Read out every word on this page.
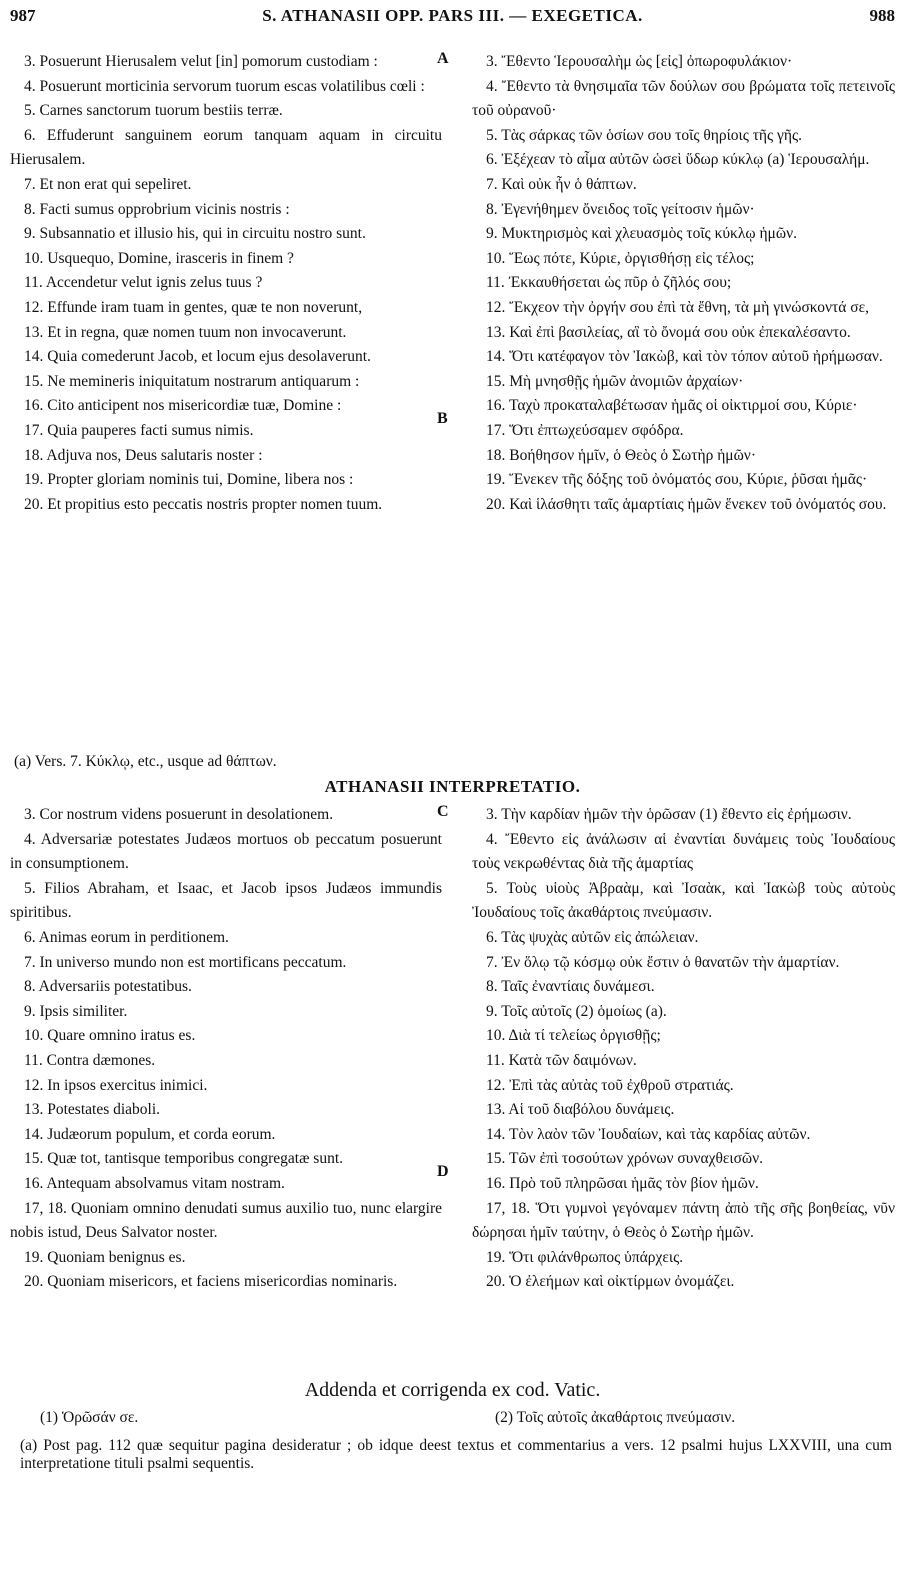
987	S. ATHANASII OPP. PARS III. — EXEGETICA.	988

3. Posuerunt Hierusalem velut [in] pomorum custodiam :

4. Posuerunt morticinia servorum tuorum escas volatilibus cœli :

5. Carnes sanctorum tuorum bestiis terræ.

6. Effuderunt sanguinem eorum tanquam aquam in circuitu Hierusalem.

7. Et non erat qui sepeliret.

8. Facti sumus opprobrium vicinis nostris :

9. Subsannatio et illusio his, qui in circuitu nostro sunt.

10. Usquequo, Domine, irasceris in finem ?

11. Accendetur velut ignis zelus tuus ?

12. Effunde iram tuam in gentes, quæ te non noverunt,

13. Et in regna, quæ nomen tuum non invocaverunt.

14. Quia comederunt Jacob, et locum ejus desolaverunt.

15. Ne memineris iniquitatum nostrarum antiquarum :

16. Cito anticipent nos misericordiæ tuæ, Domine :

17. Quia pauperes facti sumus nimis.

18. Adjuva nos, Deus salutaris noster :

19. Propter gloriam nominis tui, Domine, libera nos :

20. Et propitius esto peccatis nostris propter nomen tuum.

3. Ἔθεντο Ἱερουσαλὴμ ὡς [εἰς] ὀπωροφυλάκιον·

4. Ἔθεντο τὰ θνησιμαῖα τῶν δούλων σου βρώματα τοῖς πετεινοῖς τοῦ οὐρανοῦ·

5. Τὰς σάρκας τῶν ὁσίων σου τοῖς θηρίοις τῆς γῆς.

6. Ἐξέχεαν τὸ αἷμα αὐτῶν ὡσεὶ ὕδωρ κύκλῳ (a) Ἱερουσαλήμ.

7. Καὶ οὐκ ἦν ὁ θάπτων.

8. Ἐγενήθημεν ὄνειδος τοῖς γείτοσιν ἡμῶν·

9. Μυκτηρισμὸς καὶ χλευασμὸς τοῖς κύκλῳ ἡμῶν.

10. Ἕως πότε, Κύριε, ὀργισθήσῃ εἰς τέλος;

11. Ἐκκαυθήσεται ὡς πῦρ ὁ ζῆλός σου;

12. Ἔκχεον τὴν ὀργήν σου ἐπὶ τὰ ἔθνη, τὰ μὴ γινώσκοντά σε,

13. Καὶ ἐπὶ βασιλείας, αἳ τὸ ὄνομά σου οὐκ ἐπεκαλέσαντο.

14. Ὅτι κατέφαγον τὸν Ἰακὼβ, καὶ τὸν τόπον αὐτοῦ ἠρήμωσαν.

15. Μὴ μνησθῇς ἡμῶν ἀνομιῶν ἀρχαίων·

16. Ταχὺ προκαταλαβέτωσαν ἡμᾶς οἱ οἰκτιρμοί σου, Κύριε·

17. Ὅτι ἐπτωχεύσαμεν σφόδρα.

18. Βοήθησον ἡμῖν, ὁ Θεὸς ὁ Σωτὴρ ἡμῶν·

19. Ἕνεκεν τῆς δόξης τοῦ ὀνόματός σου, Κύριε, ῥῦσαι ἡμᾶς·

20. Καὶ ἱλάσθητι ταῖς ἁμαρτίαις ἡμῶν ἕνεκεν τοῦ ὀνόματός σου.

A
B
(a) Vers. 7. Κύκλῳ, etc., usque ad θάπτων.
ATHANASII INTERPRETATIO.

3. Cor nostrum videns posuerunt in desolationem.

4. Adversariæ potestates Judæos mortuos ob peccatum posuerunt in consumptionem.

5. Filios Abraham, et Isaac, et Jacob ipsos Judæos immundis spiritibus.

6. Animas eorum in perditionem.

7. In universo mundo non est mortificans peccatum.

8. Adversariis potestatibus.

9. Ipsis similiter.

10. Quare omnino iratus es.

11. Contra dæmones.

12. In ipsos exercitus inimici.

13. Potestates diaboli.

14. Judæorum populum, et corda eorum.

15. Quæ tot, tantisque temporibus congregatæ sunt.

16. Antequam absolvamus vitam nostram.

17, 18. Quoniam omnino denudati sumus auxilio tuo, nunc elargire nobis istud, Deus Salvator noster.

19. Quoniam benignus es.

20. Quoniam misericors, et faciens misericordias nominaris.

3. Τὴν καρδίαν ἡμῶν τὴν ὁρῶσαν (1) ἔθεντο εἰς ἐρήμωσιν.

4. Ἔθεντο εἰς ἀνάλωσιν αἱ ἐναντίαι δυνάμεις τοὺς Ἰουδαίους τοὺς νεκρωθέντας διὰ τῆς ἁμαρτίας

5. Τοὺς υἱοὺς Ἀβραὰμ, καὶ Ἰσαὰκ, καὶ Ἰακὼβ τοὺς αὐτοὺς Ἰουδαίους τοῖς ἀκαθάρτοις πνεύμασιν.

6. Τὰς ψυχὰς αὐτῶν εἰς ἀπώλειαν.

7. Ἐν ὅλῳ τῷ κόσμῳ οὐκ ἔστιν ὁ θανατῶν τὴν ἁμαρτίαν.

8. Ταῖς ἐναντίαις δυνάμεσι.

9. Τοῖς αὐτοῖς (2) ὁμοίως (a).

10. Διὰ τί τελείως ὀργισθῇς;

11. Κατὰ τῶν δαιμόνων.

12. Ἐπὶ τὰς αὐτὰς τοῦ ἐχθροῦ στρατιάς.

13. Αἱ τοῦ διαβόλου δυνάμεις.

14. Τὸν λαὸν τῶν Ἰουδαίων, καὶ τὰς καρδίας αὐτῶν.

15. Τῶν ἐπὶ τοσούτων χρόνων συναχθεισῶν.

16. Πρὸ τοῦ πληρῶσαι ἡμᾶς τὸν βίον ἡμῶν.

17, 18. Ὅτι γυμνοὶ γεγόναμεν πάντη ἀπὸ τῆς σῆς βοηθείας, νῦν δώρησαι ἡμῖν ταύτην, ὁ Θεὸς ὁ Σωτὴρ ἡμῶν.

19. Ὅτι φιλάνθρωπος ὑπάρχεις.

20. Ὁ ἐλεήμων καὶ οἰκτίρμων ὀνομάζει.

C
D
Addenda et corrigenda ex cod. Vatic.
(1) Ὁρῶσάν σε.	(2) Τοῖς αὐτοῖς ἀκαθάρτοις πνεύμασιν.
(a) Post pag. 112 quæ sequitur pagina desideratur ; ob idque deest textus et commentarius a vers. 12 psalmi hujus LXXVIII, una cum interpretatione tituli psalmi sequentis.
